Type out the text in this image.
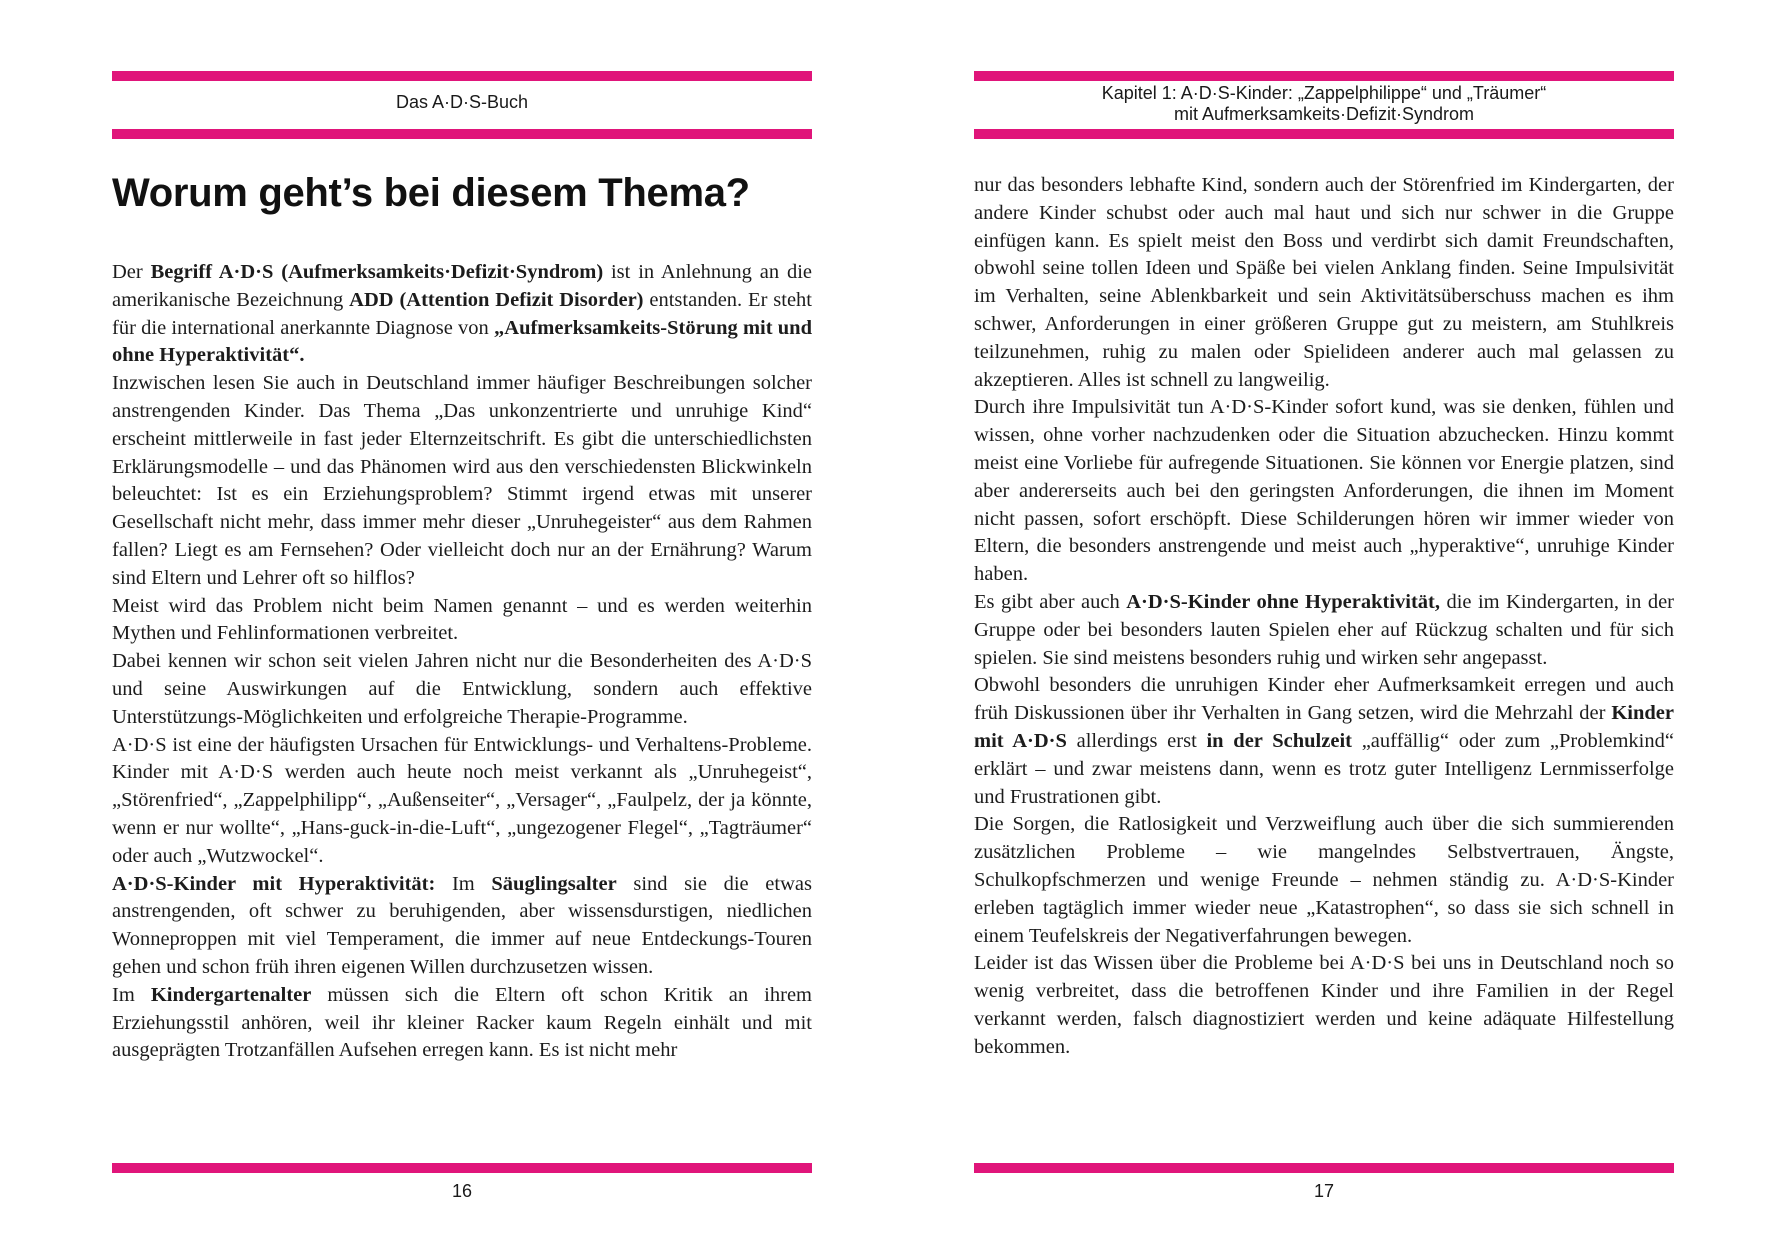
Das A·D·S-Buch
Worum geht’s bei diesem Thema?

Der Begriff A·D·S (Aufmerksamkeits·Defizit·Syndrom) ist in Anlehnung an die amerikanische Bezeichnung ADD (Attention Defizit Disorder) entstanden. Er steht für die international anerkannte Diagnose von „Aufmerksamkeits-Störung mit und ohne Hyperaktivität“.

Inzwischen lesen Sie auch in Deutschland immer häufiger Beschreibungen solcher anstrengenden Kinder. Das Thema „Das unkonzentrierte und unruhige Kind“ erscheint mittlerweile in fast jeder Elternzeitschrift. Es gibt die unterschiedlichsten Erklärungsmodelle – und das Phänomen wird aus den verschiedensten Blickwinkeln beleuchtet: Ist es ein Erziehungsproblem? Stimmt irgend etwas mit unserer Gesellschaft nicht mehr, dass immer mehr dieser „Unruhegeister“ aus dem Rahmen fallen? Liegt es am Fernsehen? Oder vielleicht doch nur an der Ernährung? Warum sind Eltern und Lehrer oft so hilflos?

Meist wird das Problem nicht beim Namen genannt – und es werden weiterhin Mythen und Fehlinformationen verbreitet.

Dabei kennen wir schon seit vielen Jahren nicht nur die Besonderheiten des A·D·S und seine Auswirkungen auf die Entwicklung, sondern auch effektive Unterstützungs-Möglichkeiten und erfolgreiche Therapie-Programme.

A·D·S ist eine der häufigsten Ursachen für Entwicklungs- und Verhaltens-Probleme. Kinder mit A·D·S werden auch heute noch meist verkannt als „Unruhegeist“, „Störenfried“, „Zappelphilipp“, „Außenseiter“, „Versager“, „Faulpelz, der ja könnte, wenn er nur wollte“, „Hans-guck-in-die-Luft“, „ungezogener Flegel“, „Tagträumer“ oder auch „Wutzwockel“.

A·D·S-Kinder mit Hyperaktivität: Im Säuglingsalter sind sie die etwas anstrengenden, oft schwer zu beruhigenden, aber wissensdurstigen, niedlichen Wonneproppen mit viel Temperament, die immer auf neue Entdeckungs-Touren gehen und schon früh ihren eigenen Willen durchzusetzen wissen.

Im Kindergartenalter müssen sich die Eltern oft schon Kritik an ihrem Erziehungsstil anhören, weil ihr kleiner Racker kaum Regeln einhält und mit ausgeprägten Trotzanfällen Aufsehen erregen kann. Es ist nicht mehr

16
Kapitel 1: A·D·S-Kinder: „Zappelphilippe“ und „Träumer“
mit Aufmerksamkeits·Defizit·Syndrom

nur das besonders lebhafte Kind, sondern auch der Störenfried im Kindergarten, der andere Kinder schubst oder auch mal haut und sich nur schwer in die Gruppe einfügen kann. Es spielt meist den Boss und verdirbt sich damit Freundschaften, obwohl seine tollen Ideen und Späße bei vielen Anklang finden. Seine Impulsivität im Verhalten, seine Ablenkbarkeit und sein Aktivitätsüberschuss machen es ihm schwer, Anforderungen in einer größeren Gruppe gut zu meistern, am Stuhlkreis teilzunehmen, ruhig zu malen oder Spielideen anderer auch mal gelassen zu akzeptieren. Alles ist schnell zu langweilig.

Durch ihre Impulsivität tun A·D·S-Kinder sofort kund, was sie denken, fühlen und wissen, ohne vorher nachzudenken oder die Situation abzuchecken. Hinzu kommt meist eine Vorliebe für aufregende Situationen. Sie können vor Energie platzen, sind aber andererseits auch bei den geringsten Anforderungen, die ihnen im Moment nicht passen, sofort erschöpft. Diese Schilderungen hören wir immer wieder von Eltern, die besonders anstrengende und meist auch „hyperaktive“, unruhige Kinder haben.

Es gibt aber auch A·D·S-Kinder ohne Hyperaktivität, die im Kindergarten, in der Gruppe oder bei besonders lauten Spielen eher auf Rückzug schalten und für sich spielen. Sie sind meistens besonders ruhig und wirken sehr angepasst.

Obwohl besonders die unruhigen Kinder eher Aufmerksamkeit erregen und auch früh Diskussionen über ihr Verhalten in Gang setzen, wird die Mehrzahl der Kinder mit A·D·S allerdings erst in der Schulzeit „auffällig“ oder zum „Problemkind“ erklärt – und zwar meistens dann, wenn es trotz guter Intelligenz Lernmisserfolge und Frustrationen gibt.

Die Sorgen, die Ratlosigkeit und Verzweiflung auch über die sich summierenden zusätzlichen Probleme – wie mangelndes Selbstvertrauen, Ängste, Schulkopfschmerzen und wenige Freunde – nehmen ständig zu. A·D·S-Kinder erleben tagtäglich immer wieder neue „Katastrophen“, so dass sie sich schnell in einem Teufelskreis der Negativerfahrungen bewegen.

Leider ist das Wissen über die Probleme bei A·D·S bei uns in Deutschland noch so wenig verbreitet, dass die betroffenen Kinder und ihre Familien in der Regel verkannt werden, falsch diagnostiziert werden und keine adäquate Hilfestellung bekommen.

17
